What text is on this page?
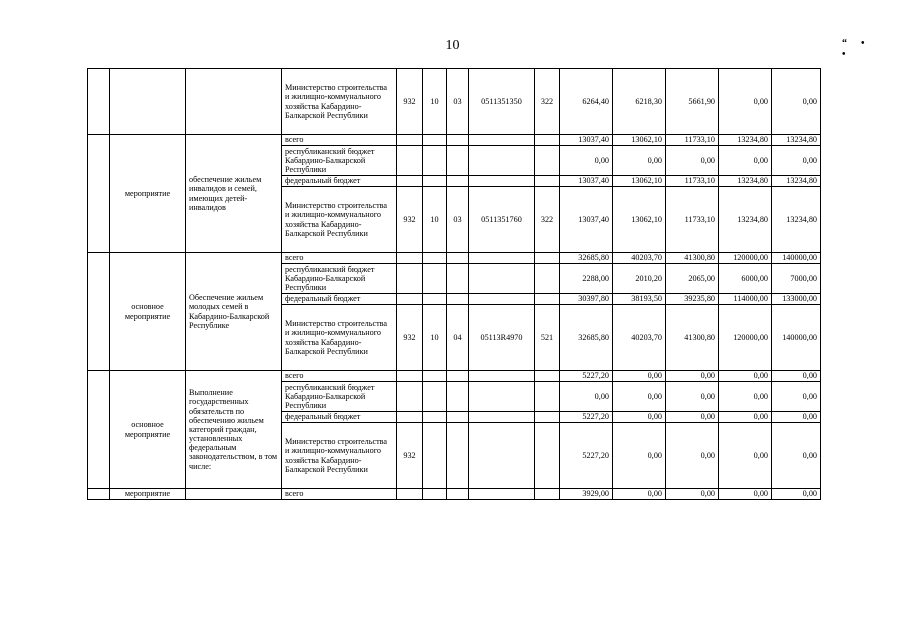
10	“• •
			Министерство строительства и жилищно-коммунального хозяйства Кабардино-Балкарской Республики	932	10	03	0511351350	322	6264,40	6218,30	5661,90	0,00	0,00
	мероприятие	обеспечение жильем инвалидов и семей, имеющих детей-инвалидов	всего						13037,40	13062,10	11733,10	13234,80	13234,80
			республиканский бюджет Кабардино-Балкарской Республики						0,00	0,00	0,00	0,00	0,00
			федеральный бюджет						13037,40	13062,10	11733,10	13234,80	13234,80
			Министерство строительства и жилищно-коммунального хозяйства Кабардино-Балкарской Республики	932	10	03	0511351760	322	13037,40	13062,10	11733,10	13234,80	13234,80
	основное мероприятие	Обеспечение жильем молодых семей в Кабардино-Балкарской Республике	всего						32685,80	40203,70	41300,80	120000,00	140000,00
			республиканский бюджет Кабардино-Балкарской Республики						2288,00	2010,20	2065,00	6000,00	7000,00
			федеральный бюджет						30397,80	38193,50	39235,80	114000,00	133000,00
			Министерство строительства и жилищно-коммунального хозяйства Кабардино-Балкарской Республики	932	10	04	05113R4970	521	32685,80	40203,70	41300,80	120000,00	140000,00
	основное мероприятие	Выполнение государственных обязательств по обеспечению жильем категорий граждан, установленных федеральным законодательством, в том числе:	всего						5227,20	0,00	0,00	0,00	0,00
			республиканский бюджет Кабардино-Балкарской Республики						0,00	0,00	0,00	0,00	0,00
			федеральный бюджет						5227,20	0,00	0,00	0,00	0,00
			Министерство строительства и жилищно-коммунального хозяйства Кабардино-Балкарской Республики	932					5227,20	0,00	0,00	0,00	0,00
	мероприятие		всего						3929,00	0,00	0,00	0,00	0,00
